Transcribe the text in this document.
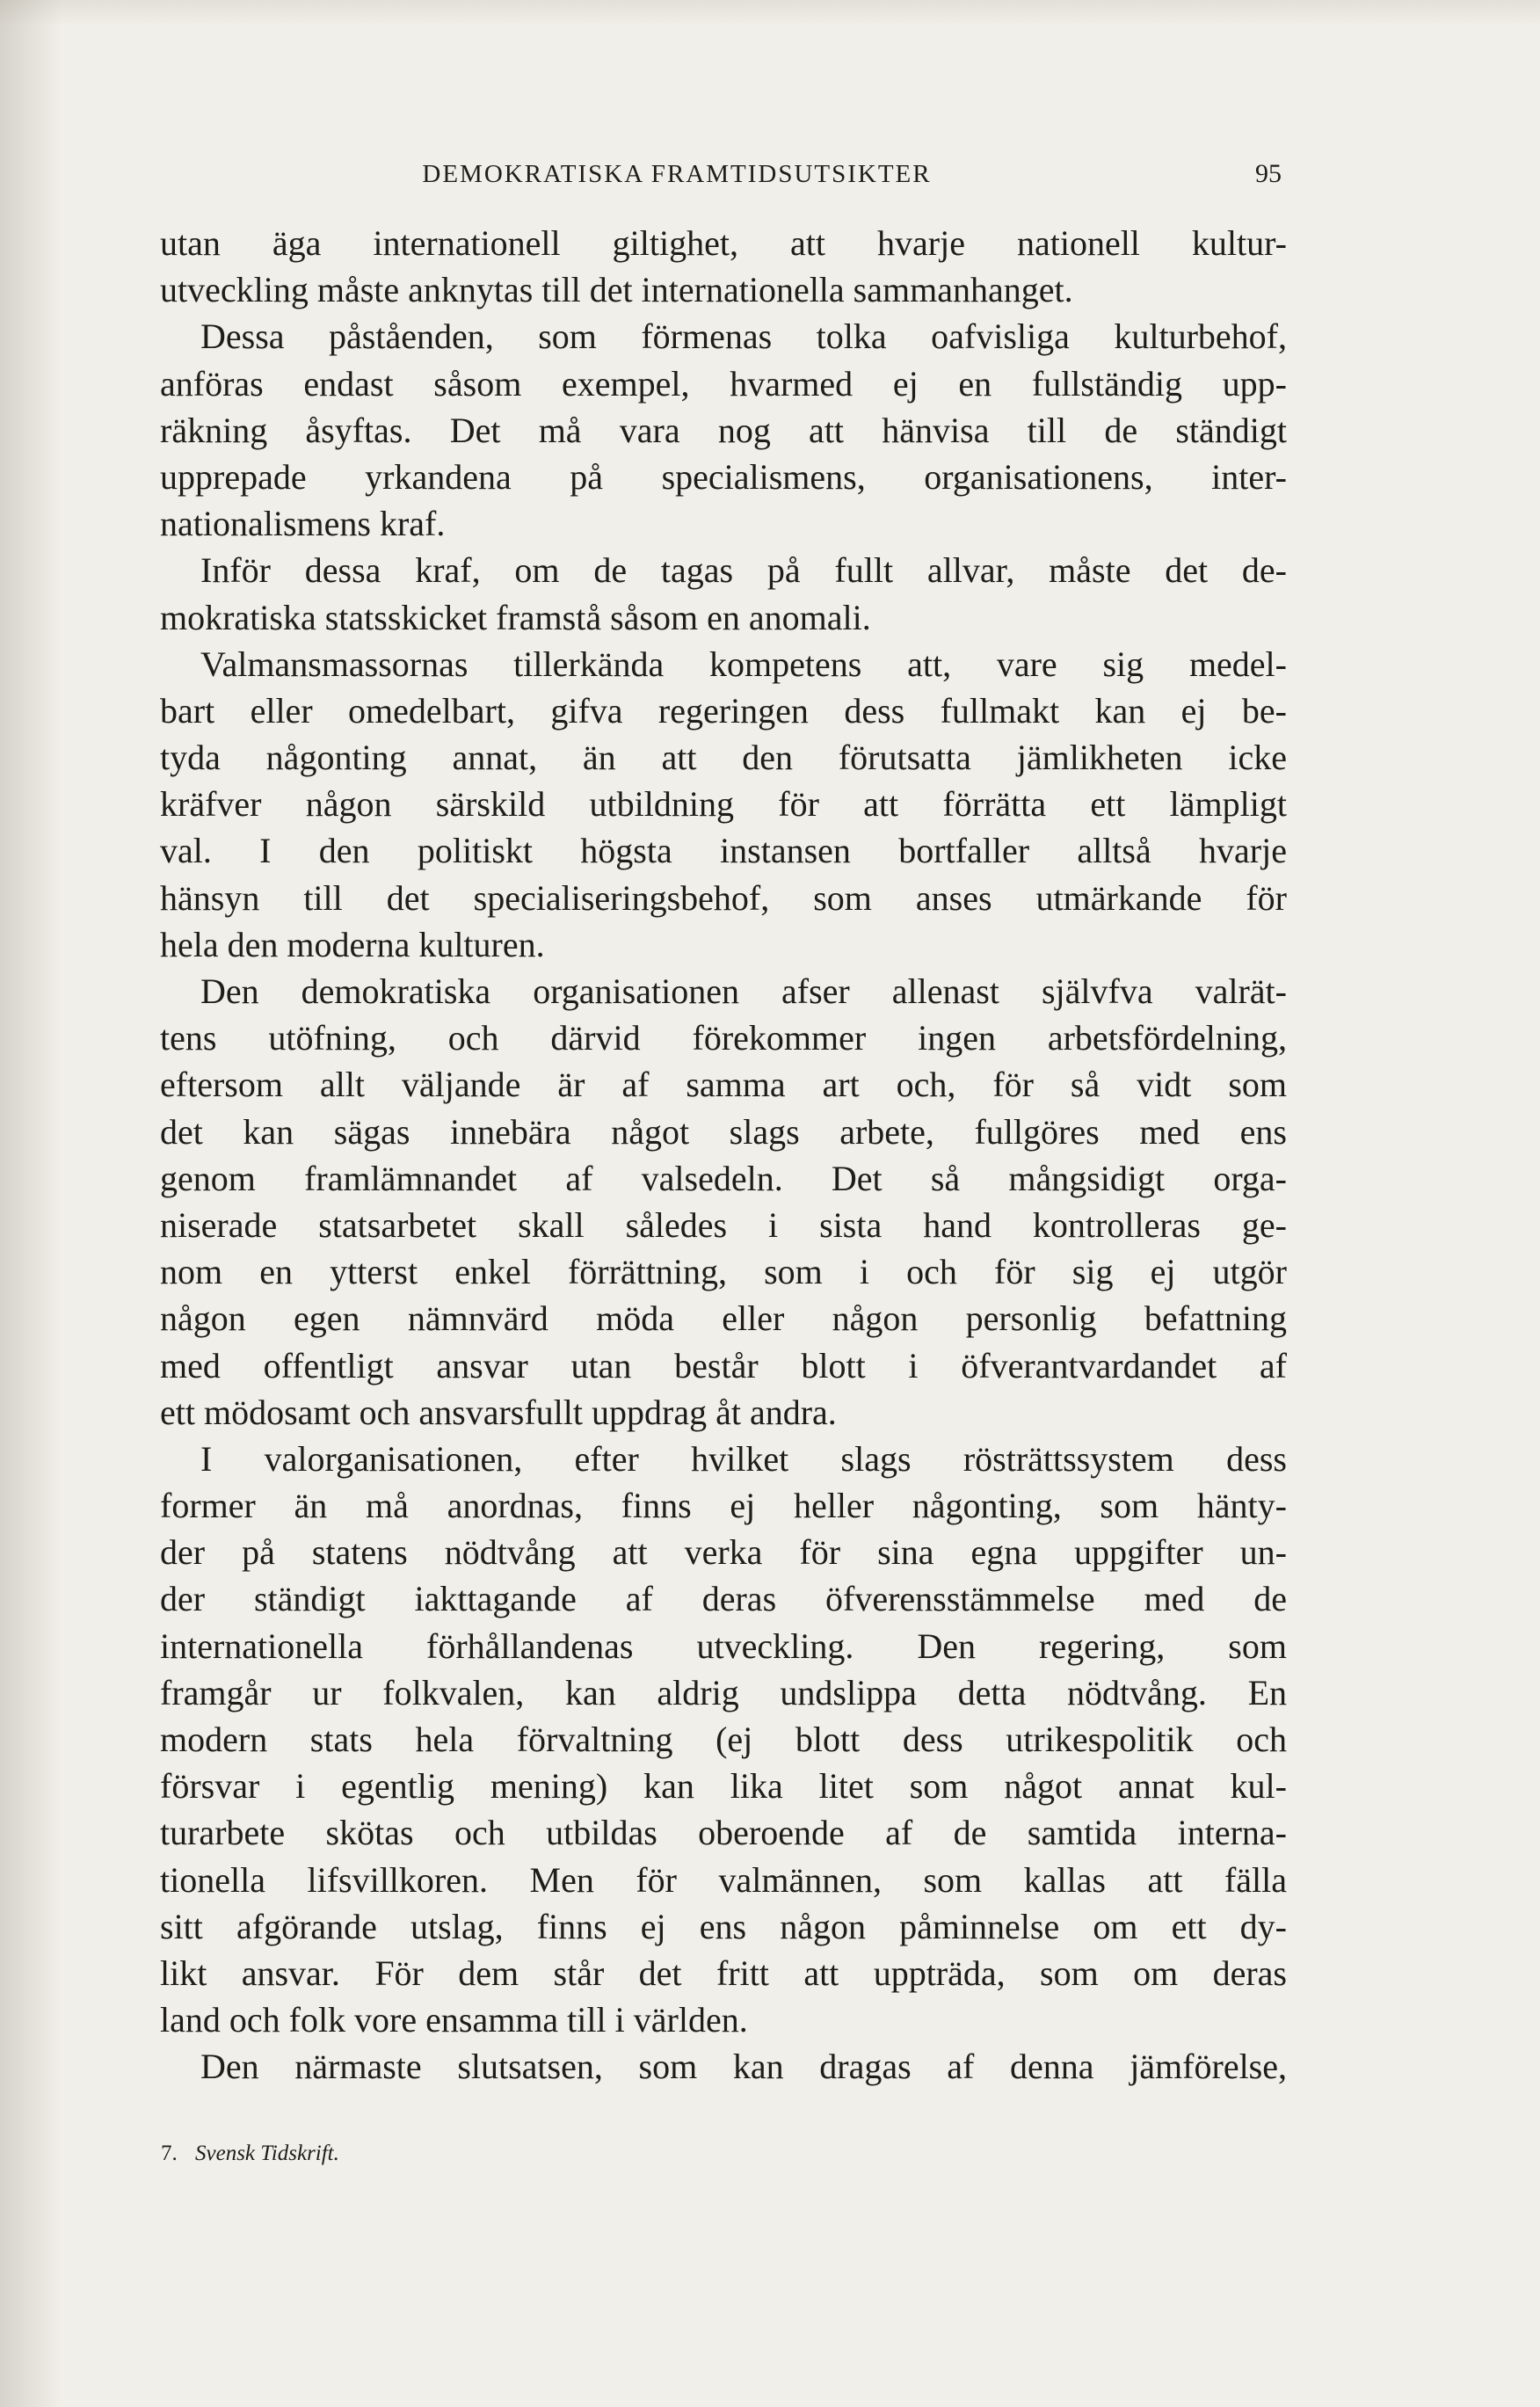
DEMOKRATISKA FRAMTIDSUTSIKTER	95
utan äga internationell giltighet, att hvarje nationell kultur-
utveckling måste anknytas till det internationella sammanhanget.
Dessa påståenden, som förmenas tolka oafvisliga kulturbehof,
anföras endast såsom exempel, hvarmed ej en fullständig upp-
räkning åsyftas. Det må vara nog att hänvisa till de ständigt
upprepade yrkandena på specialismens, organisationens, inter-
nationalismens kraf.
Inför dessa kraf, om de tagas på fullt allvar, måste det de-
mokratiska statsskicket framstå såsom en anomali.
Valmansmassornas tillerkända kompetens att, vare sig medel-
bart eller omedelbart, gifva regeringen dess fullmakt kan ej be-
tyda någonting annat, än att den förutsatta jämlikheten icke
kräfver någon särskild utbildning för att förrätta ett lämpligt
val. I den politiskt högsta instansen bortfaller alltså hvarje
hänsyn till det specialiseringsbehof, som anses utmärkande för
hela den moderna kulturen.
Den demokratiska organisationen afser allenast självfva valrät-
tens utöfning, och därvid förekommer ingen arbetsfördelning,
eftersom allt väljande är af samma art och, för så vidt som
det kan sägas innebära något slags arbete, fullgöres med ens
genom framlämnandet af valsedeln. Det så mångsidigt orga-
niserade statsarbetet skall således i sista hand kontrolleras ge-
nom en ytterst enkel förrättning, som i och för sig ej utgör
någon egen nämnvärd möda eller någon personlig befattning
med offentligt ansvar utan består blott i öfverantvardandet af
ett mödosamt och ansvarsfullt uppdrag åt andra.
I valorganisationen, efter hvilket slags rösträttssystem dess
former än må anordnas, finns ej heller någonting, som hänty-
der på statens nödtvång att verka för sina egna uppgifter un-
der ständigt iakttagande af deras öfverensstämmelse med de
internationella förhållandenas utveckling. Den regering, som
framgår ur folkvalen, kan aldrig undslippa detta nödtvång. En
modern stats hela förvaltning (ej blott dess utrikespolitik och
försvar i egentlig mening) kan lika litet som något annat kul-
turarbete skötas och utbildas oberoende af de samtida interna-
tionella lifsvillkoren. Men för valmännen, som kallas att fälla
sitt afgörande utslag, finns ej ens någon påminnelse om ett dy-
likt ansvar. För dem står det fritt att uppträda, som om deras
land och folk vore ensamma till i världen.
Den närmaste slutsatsen, som kan dragas af denna jämförelse,
7. Svensk Tidskrift.
